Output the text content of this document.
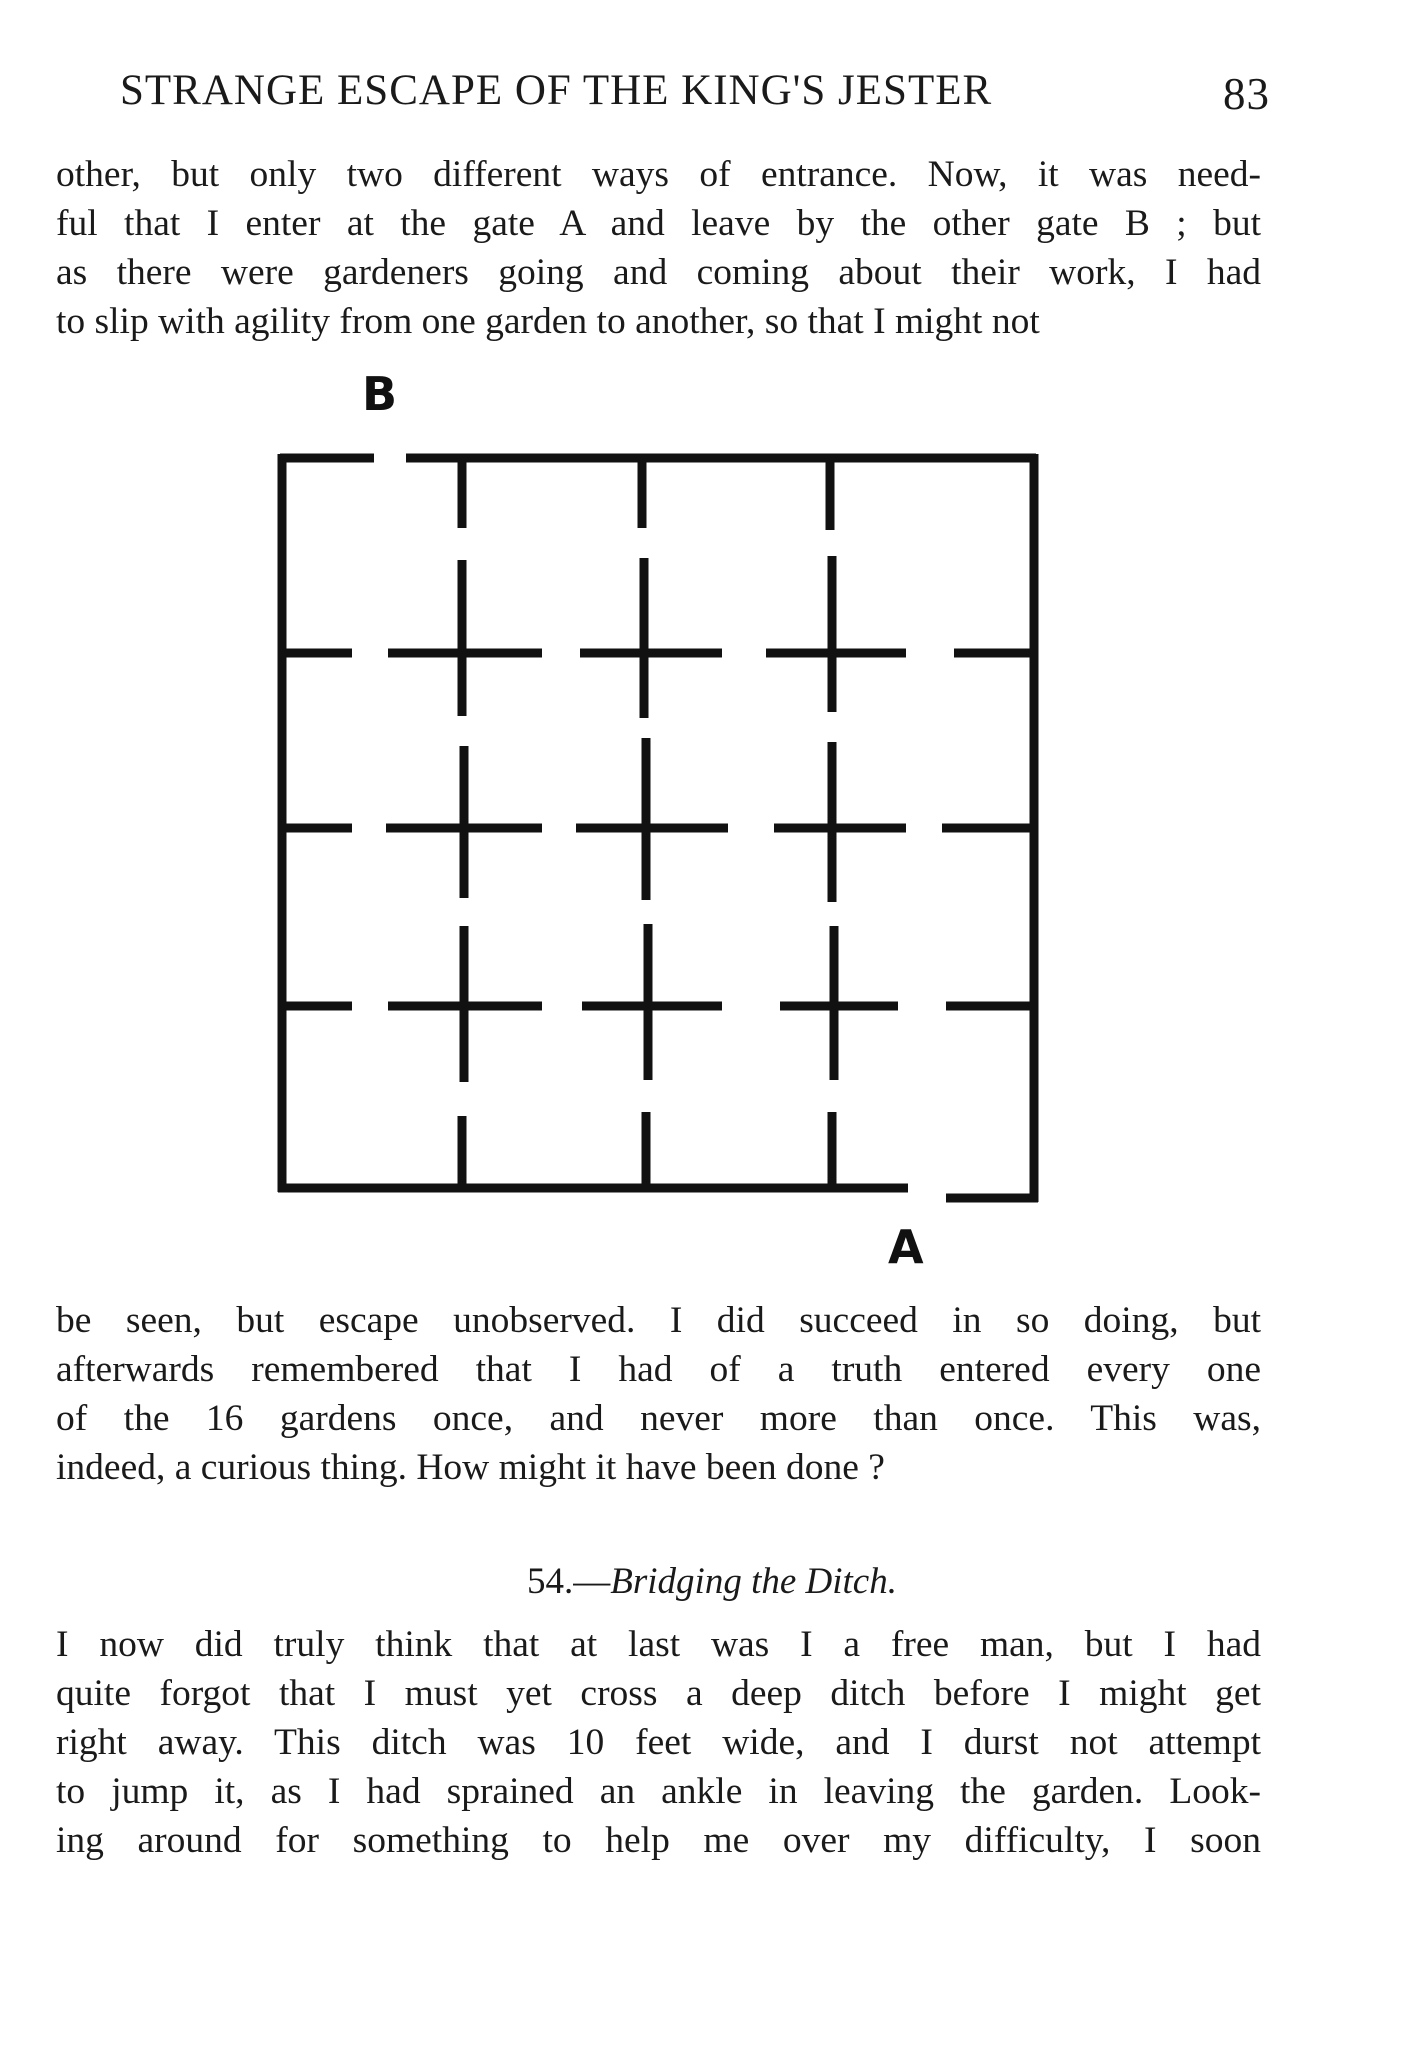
STRANGE ESCAPE OF THE KING'S JESTER	83

other, but only two different ways of entrance. Now, it was need-
ful that I enter at the gate A and leave by the other gate B ; but
as there were gardeners going and coming about their work, I had
to slip with agility from one garden to another, so that I might not

B
A

be seen, but escape unobserved. I did succeed in so doing, but
afterwards remembered that I had of a truth entered every one
of the 16 gardens once, and never more than once. This was,
indeed, a curious thing. How might it have been done ?

54.—Bridging the Ditch.

I now did truly think that at last was I a free man, but I had
quite forgot that I must yet cross a deep ditch before I might get
right away. This ditch was 10 feet wide, and I durst not attempt
to jump it, as I had sprained an ankle in leaving the garden. Look-
ing around for something to help me over my difficulty, I soon
